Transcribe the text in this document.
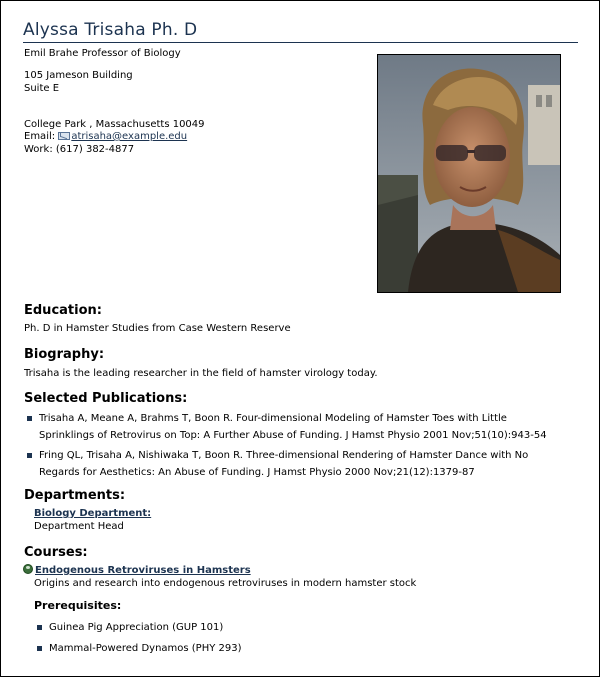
Alyssa Trisaha Ph. D
Emil Brahe Professor of Biology
105 Jameson Building
Suite E
College Park , Massachusetts 10049
Email: atrisaha@example.edu
Work: (617) 382-4877
Education:
Ph. D in Hamster Studies from Case Western Reserve
Biography:
Trisaha is the leading researcher in the field of hamster virology today.
Selected Publications:
Trisaha A, Meane A, Brahms T, Boon R. Four-dimensional Modeling of Hamster Toes with Little
Sprinklings of Retrovirus on Top: A Further Abuse of Funding. J Hamst Physio 2001 Nov;51(10):943-54
Fring QL, Trisaha A, Nishiwaka T, Boon R. Three-dimensional Rendering of Hamster Dance with No
Regards for Aesthetics: An Abuse of Funding. J Hamst Physio 2000 Nov;21(12):1379-87
Departments:
Biology Department:
Department Head
Courses:
Endogenous Retroviruses in Hamsters
Origins and research into endogenous retroviruses in modern hamster stock
Prerequisites:
Guinea Pig Appreciation (GUP 101)
Mammal-Powered Dynamos (PHY 293)
